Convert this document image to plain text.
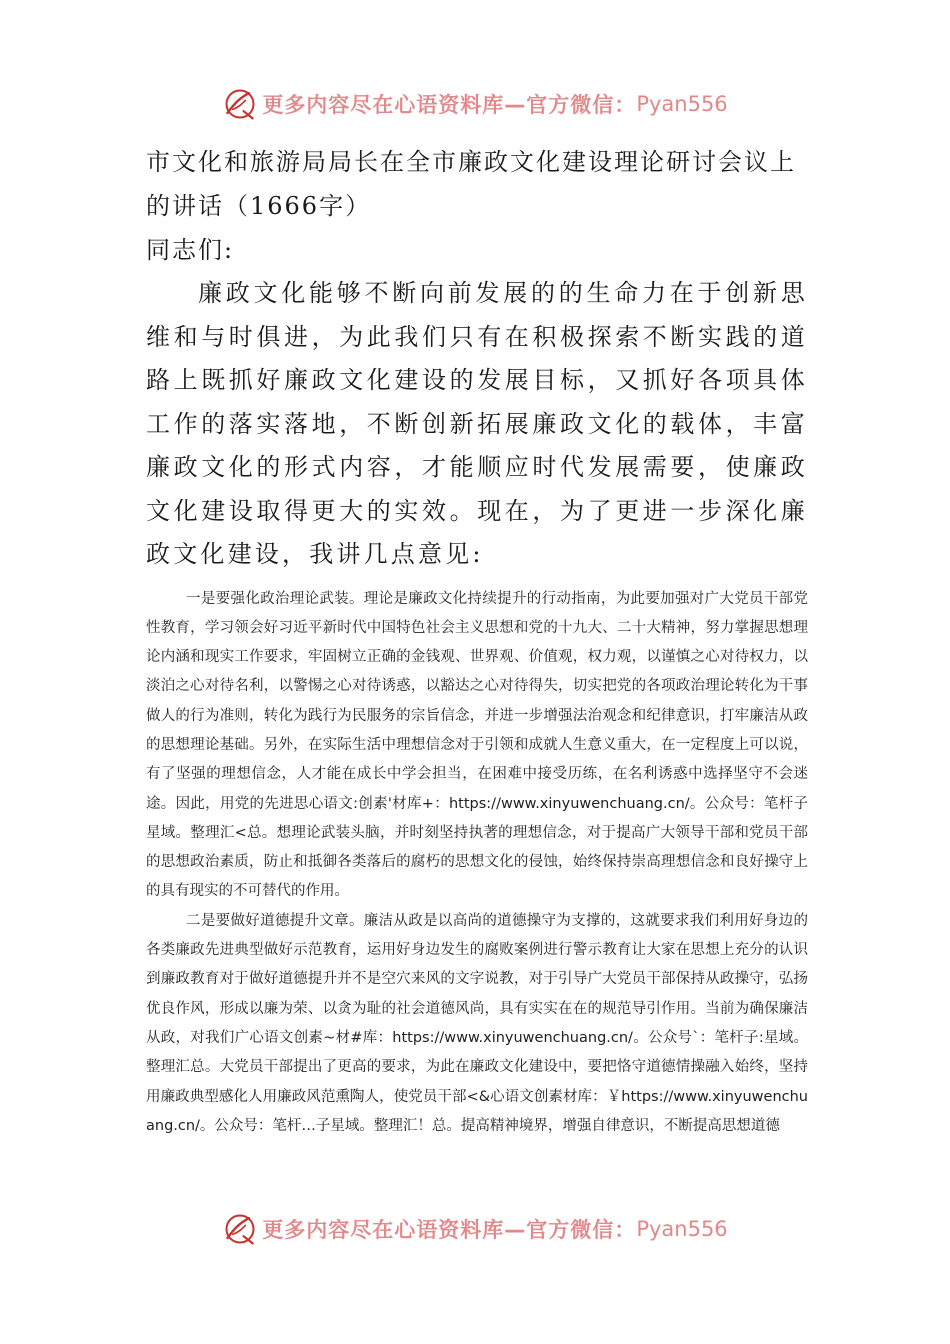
更多内容尽在心语资料库—官方微信： Pyan556
市文化和旅游局局长在全市廉政文化建设理论研讨会议上的讲话（1666字）

同志们:

廉政文化能够不断向前发展的的生命力在于创新思维和与时俱进，为此我们只有在积极探索不断实践的道路上既抓好廉政文化建设的发展目标，又抓好各项具体工作的落实落地，不断创新拓展廉政文化的载体，丰富廉政文化的形式内容，才能顺应时代发展需要，使廉政文化建设取得更大的实效。现在，为了更进一步深化廉政文化建设，我讲几点意见:

一是要强化政治理论武装。理论是廉政文化持续提升的行动指南，为此要加强对广大党员干部党性教育，学习领会好习近平新时代中国特色社会主义思想和党的十九大、二十大精神，努力掌握思想理论内涵和现实工作要求，牢固树立正确的金钱观、世界观、价值观，权力观，以谨慎之心对待权力，以淡泊之心对待名利，以警惕之心对待诱惑，以豁达之心对待得失，切实把党的各项政治理论转化为干事做人的行为准则，转化为践行为民服务的宗旨信念，并进一步增强法治观念和纪律意识，打牢廉洁从政的思想理论基础。另外，在实际生活中理想信念对于引领和成就人生意义重大，在一定程度上可以说，有了坚强的理想信念，人才能在成长中学会担当，在困难中接受历练，在名利诱惑中选择坚守不会迷途。因此，用党的先进思心语文:创素'材库+：https://www.xinyuwenchuang.cn/。公众号：笔杆子星域。整理汇<总。想理论武装头脑，并时刻坚持执著的理想信念，对于提高广大领导干部和党员干部的思想政治素质，防止和抵御各类落后的腐朽的思想文化的侵蚀，始终保持崇高理想信念和良好操守上的具有现实的不可替代的作用。

二是要做好道德提升文章。廉洁从政是以高尚的道德操守为支撑的，这就要求我们利用好身边的各类廉政先进典型做好示范教育，运用好身边发生的腐败案例进行警示教育让大家在思想上充分的认识到廉政教育对于做好道德提升并不是空穴来风的文字说教，对于引导广大党员干部保持从政操守，弘扬优良作风，形成以廉为荣、以贪为耻的社会道德风尚，具有实实在在的规范导引作用。当前为确保廉洁从政，对我们广心语文创素~材#库：https://www.xinyuwenchuang.cn/。公众号`：笔杆子:星域。整理汇总。大党员干部提出了更高的要求，为此在廉政文化建设中，要把恪守道德情操融入始终，坚持用廉政典型感化人用廉政风范熏陶人，使党员干部<&心语文创素材库：￥https://www.xinyuwenchuang.cn/。公众号：笔杆…子星域。整理汇！总。提高精神境界，增强自律意识，不断提高思想道德

更多内容尽在心语资料库—官方微信： Pyan556
